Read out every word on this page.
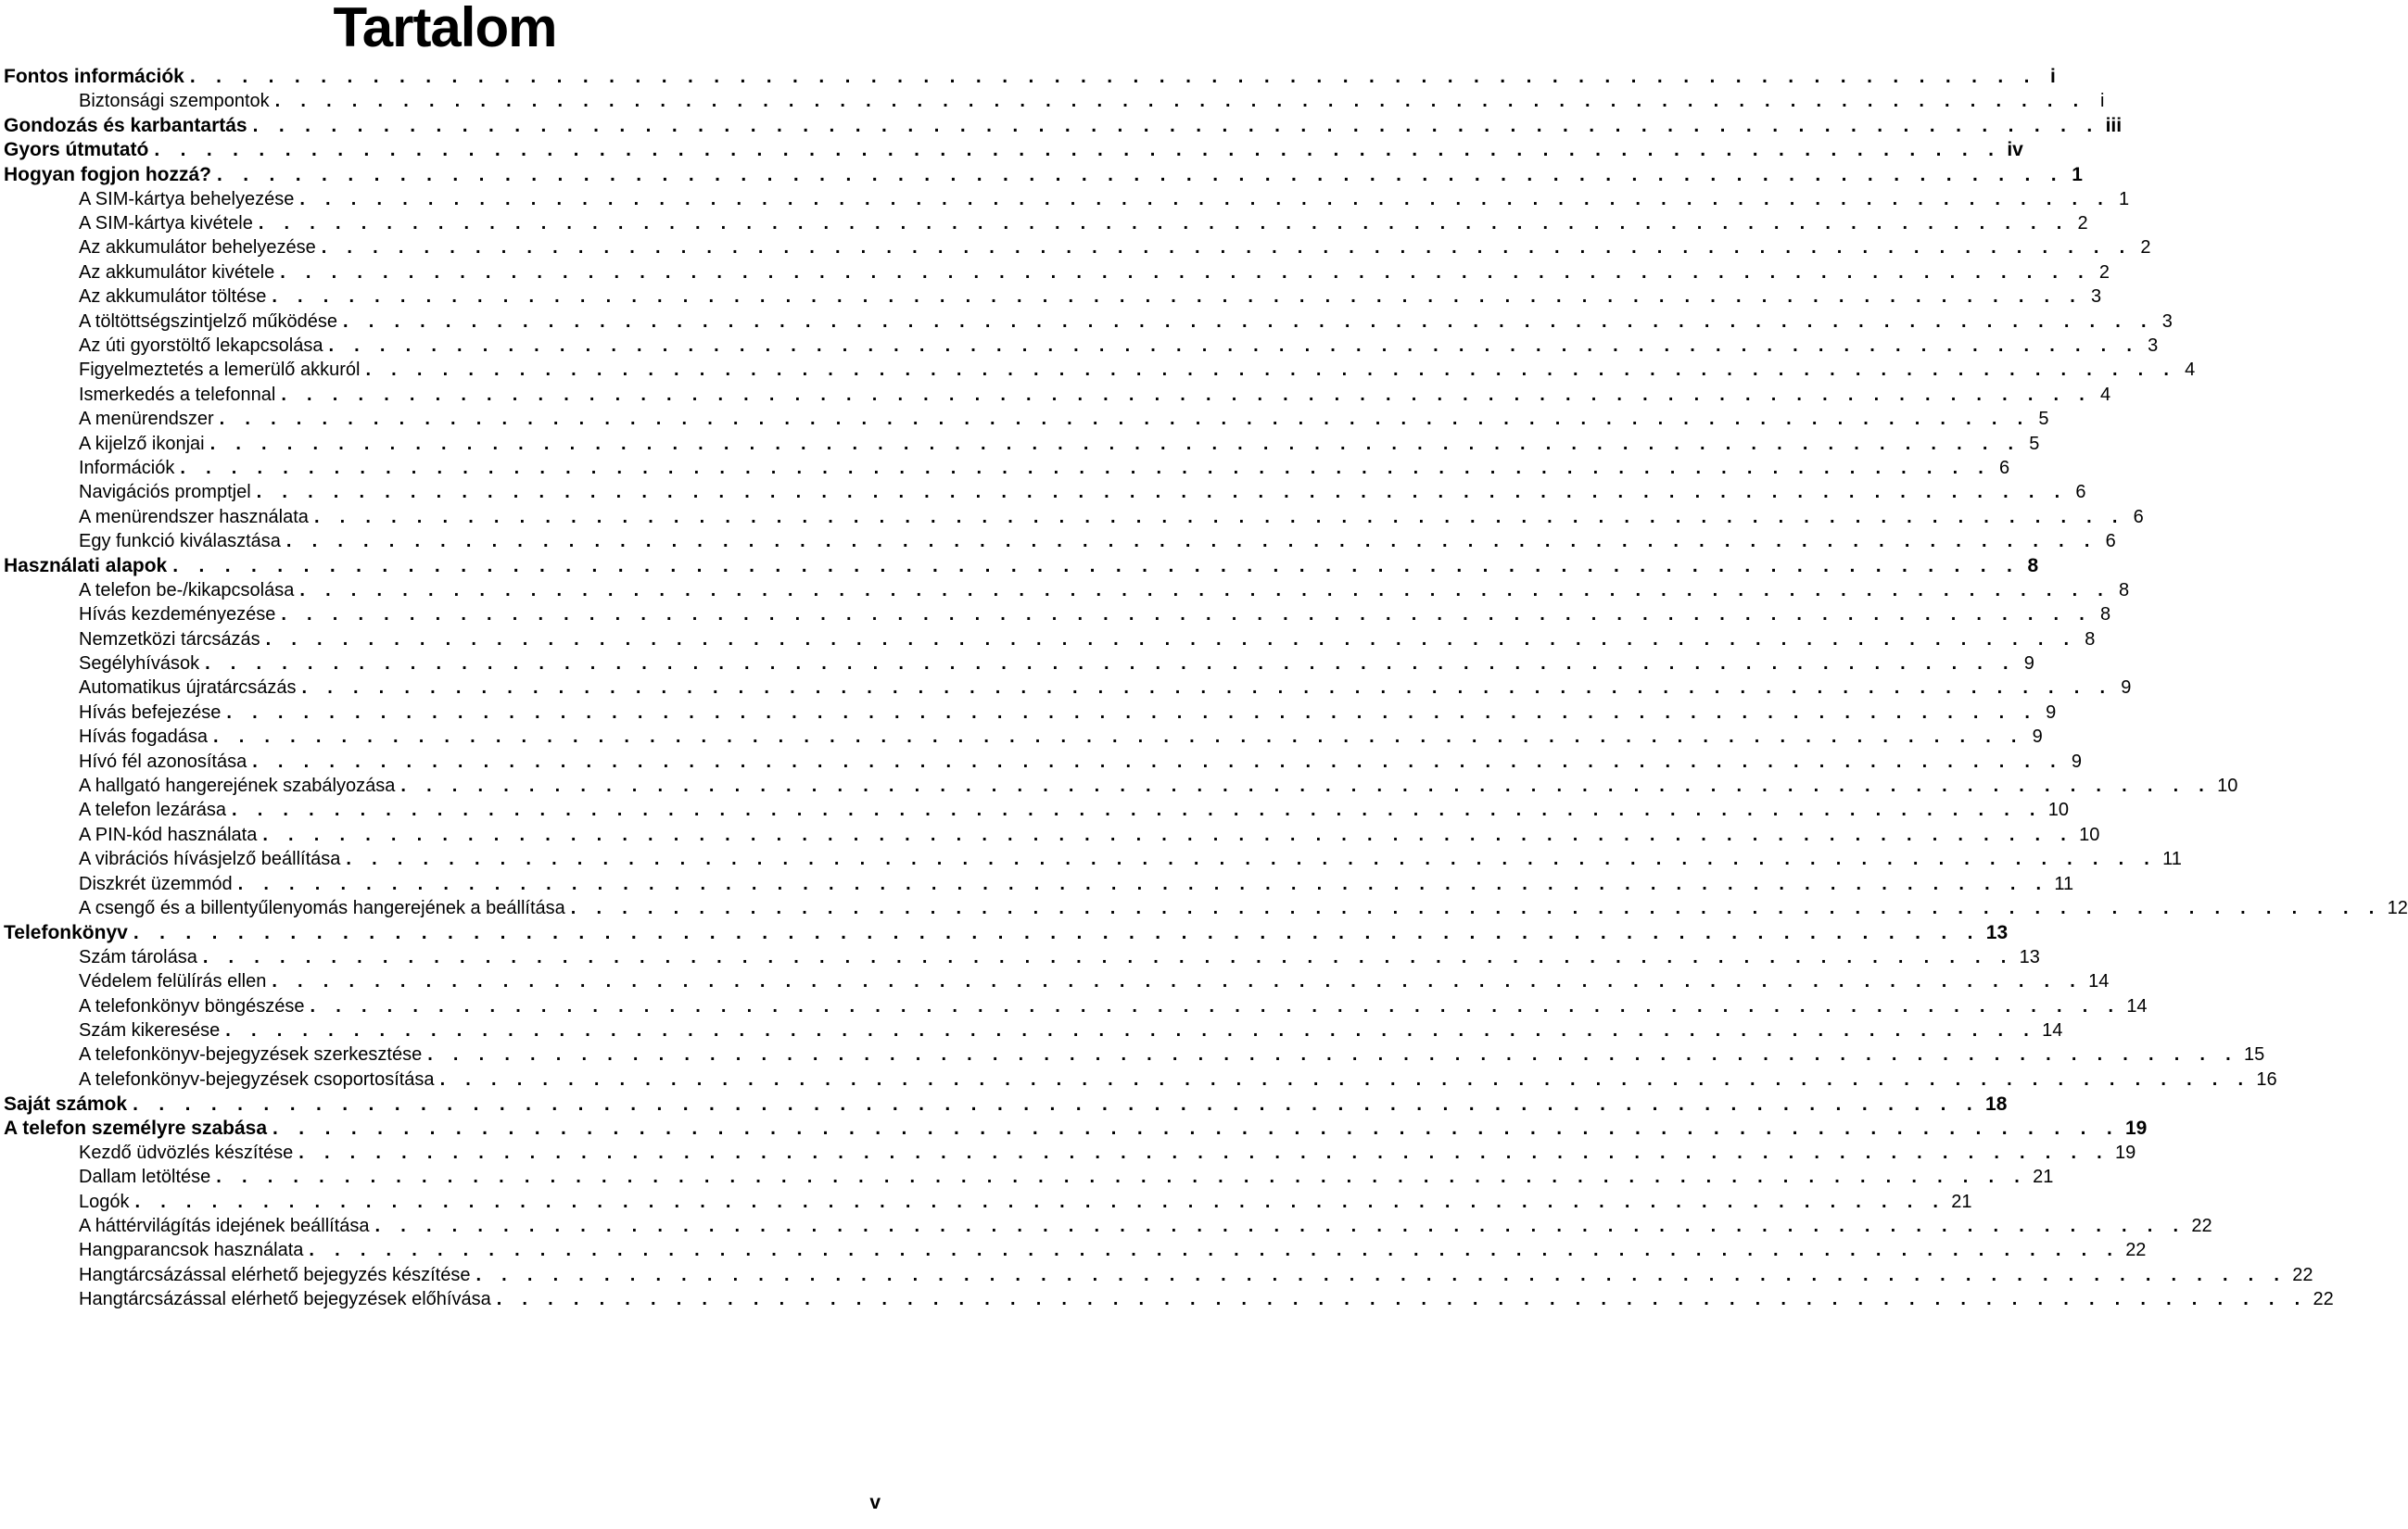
Tartalom
Fontos információk . . . . . . . . . . . . . . . . . . . . . . . . . . . . . . . . . . . . . . . . . . . . . . . . . . . . . . . . . . . . . . . . . . . . . . . i
Biztonsági szempontok . . . . . . . . . . . . . . . . . . . . . . . . . . . . . . . . . . . . . . . . . . . . . . . . . . . . . . . . . . . . . . . . . . . . . . . i
Gondozás és karbantartás . . . . . . . . . . . . . . . . . . . . . . . . . . . . . . . . . . . . . . . . . . . . . . . . . . . . . . . . . . . . . . . . . . . . . . . iii
Gyors útmutató . . . . . . . . . . . . . . . . . . . . . . . . . . . . . . . . . . . . . . . . . . . . . . . . . . . . . . . . . . . . . . . . . . . . . . . iv
Hogyan fogjon hozzá? . . . . . . . . . . . . . . . . . . . . . . . . . . . . . . . . . . . . . . . . . . . . . . . . . . . . . . . . . . . . . . . . . . . . . . . 1
A SIM-kártya behelyezése . . . . . . . . . . . . . . . . . . . . . . . . . . . . . . . . . . . . . . . . . . . . . . . . . . . . . . . . . . . . . . . . . . . . . . . 1
A SIM-kártya kivétele . . . . . . . . . . . . . . . . . . . . . . . . . . . . . . . . . . . . . . . . . . . . . . . . . . . . . . . . . . . . . . . . . . . . . . . 2
Az akkumulátor behelyezése . . . . . . . . . . . . . . . . . . . . . . . . . . . . . . . . . . . . . . . . . . . . . . . . . . . . . . . . . . . . . . . . . . . . . . . 2
Az akkumulátor kivétele . . . . . . . . . . . . . . . . . . . . . . . . . . . . . . . . . . . . . . . . . . . . . . . . . . . . . . . . . . . . . . . . . . . . . . . 2
Az akkumulátor töltése . . . . . . . . . . . . . . . . . . . . . . . . . . . . . . . . . . . . . . . . . . . . . . . . . . . . . . . . . . . . . . . . . . . . . . . 3
A töltöttségszintjelző működése . . . . . . . . . . . . . . . . . . . . . . . . . . . . . . . . . . . . . . . . . . . . . . . . . . . . . . . . . . . . . . . . . . . . . . . 3
Az úti gyorstöltő lekapcsolása . . . . . . . . . . . . . . . . . . . . . . . . . . . . . . . . . . . . . . . . . . . . . . . . . . . . . . . . . . . . . . . . . . . . . . . 3
Figyelmeztetés a lemerülő akkuról . . . . . . . . . . . . . . . . . . . . . . . . . . . . . . . . . . . . . . . . . . . . . . . . . . . . . . . . . . . . . . . . . . . . . . . 4
Ismerkedés a telefonnal . . . . . . . . . . . . . . . . . . . . . . . . . . . . . . . . . . . . . . . . . . . . . . . . . . . . . . . . . . . . . . . . . . . . . . . 4
A menürendszer . . . . . . . . . . . . . . . . . . . . . . . . . . . . . . . . . . . . . . . . . . . . . . . . . . . . . . . . . . . . . . . . . . . . . . . 5
A kijelző ikonjai . . . . . . . . . . . . . . . . . . . . . . . . . . . . . . . . . . . . . . . . . . . . . . . . . . . . . . . . . . . . . . . . . . . . . . . 5
Információk . . . . . . . . . . . . . . . . . . . . . . . . . . . . . . . . . . . . . . . . . . . . . . . . . . . . . . . . . . . . . . . . . . . . . . . 6
Navigációs promptjel . . . . . . . . . . . . . . . . . . . . . . . . . . . . . . . . . . . . . . . . . . . . . . . . . . . . . . . . . . . . . . . . . . . . . . . 6
A menürendszer használata . . . . . . . . . . . . . . . . . . . . . . . . . . . . . . . . . . . . . . . . . . . . . . . . . . . . . . . . . . . . . . . . . . . . . . . 6
Egy funkció kiválasztása . . . . . . . . . . . . . . . . . . . . . . . . . . . . . . . . . . . . . . . . . . . . . . . . . . . . . . . . . . . . . . . . . . . . . . . 6
Használati alapok . . . . . . . . . . . . . . . . . . . . . . . . . . . . . . . . . . . . . . . . . . . . . . . . . . . . . . . . . . . . . . . . . . . . . . . 8
A telefon be-/kikapcsolása . . . . . . . . . . . . . . . . . . . . . . . . . . . . . . . . . . . . . . . . . . . . . . . . . . . . . . . . . . . . . . . . . . . . . . . 8
Hívás kezdeményezése . . . . . . . . . . . . . . . . . . . . . . . . . . . . . . . . . . . . . . . . . . . . . . . . . . . . . . . . . . . . . . . . . . . . . . . 8
Nemzetközi tárcsázás . . . . . . . . . . . . . . . . . . . . . . . . . . . . . . . . . . . . . . . . . . . . . . . . . . . . . . . . . . . . . . . . . . . . . . . 8
Segélyhívások . . . . . . . . . . . . . . . . . . . . . . . . . . . . . . . . . . . . . . . . . . . . . . . . . . . . . . . . . . . . . . . . . . . . . . . 9
Automatikus újratárcsázás . . . . . . . . . . . . . . . . . . . . . . . . . . . . . . . . . . . . . . . . . . . . . . . . . . . . . . . . . . . . . . . . . . . . . . . 9
Hívás befejezése . . . . . . . . . . . . . . . . . . . . . . . . . . . . . . . . . . . . . . . . . . . . . . . . . . . . . . . . . . . . . . . . . . . . . . . 9
Hívás fogadása . . . . . . . . . . . . . . . . . . . . . . . . . . . . . . . . . . . . . . . . . . . . . . . . . . . . . . . . . . . . . . . . . . . . . . . 9
Hívó fél azonosítása . . . . . . . . . . . . . . . . . . . . . . . . . . . . . . . . . . . . . . . . . . . . . . . . . . . . . . . . . . . . . . . . . . . . . . . 9
A hallgató hangerejének szabályozása . . . . . . . . . . . . . . . . . . . . . . . . . . . . . . . . . . . . . . . . . . . . . . . . . . . . . . . . . . . . . . . . . . . . . . . 10
A telefon lezárása . . . . . . . . . . . . . . . . . . . . . . . . . . . . . . . . . . . . . . . . . . . . . . . . . . . . . . . . . . . . . . . . . . . . . . . 10
A PIN-kód használata . . . . . . . . . . . . . . . . . . . . . . . . . . . . . . . . . . . . . . . . . . . . . . . . . . . . . . . . . . . . . . . . . . . . . . . 10
A vibrációs hívásjelző beállítása . . . . . . . . . . . . . . . . . . . . . . . . . . . . . . . . . . . . . . . . . . . . . . . . . . . . . . . . . . . . . . . . . . . . . . . 11
Diszkrét üzemmód . . . . . . . . . . . . . . . . . . . . . . . . . . . . . . . . . . . . . . . . . . . . . . . . . . . . . . . . . . . . . . . . . . . . . . . 11
A csengő és a billentyűlenyomás hangerejének a beállítása . . . . . . . . . . . . . . . . . . . . . . . . . . . . . . . . . . . . . . . . . . . . . . . . . . . . . . . . . . . . . . . . . . . . . . . 12
Telefonkönyv . . . . . . . . . . . . . . . . . . . . . . . . . . . . . . . . . . . . . . . . . . . . . . . . . . . . . . . . . . . . . . . . . . . . . . . 13
Szám tárolása . . . . . . . . . . . . . . . . . . . . . . . . . . . . . . . . . . . . . . . . . . . . . . . . . . . . . . . . . . . . . . . . . . . . . . . 13
Védelem felülírás ellen . . . . . . . . . . . . . . . . . . . . . . . . . . . . . . . . . . . . . . . . . . . . . . . . . . . . . . . . . . . . . . . . . . . . . . . 14
A telefonkönyv böngészése . . . . . . . . . . . . . . . . . . . . . . . . . . . . . . . . . . . . . . . . . . . . . . . . . . . . . . . . . . . . . . . . . . . . . . . 14
Szám kikeresése . . . . . . . . . . . . . . . . . . . . . . . . . . . . . . . . . . . . . . . . . . . . . . . . . . . . . . . . . . . . . . . . . . . . . . . 14
A telefonkönyv-bejegyzések szerkesztése . . . . . . . . . . . . . . . . . . . . . . . . . . . . . . . . . . . . . . . . . . . . . . . . . . . . . . . . . . . . . . . . . . . . . . . 15
A telefonkönyv-bejegyzések csoportosítása . . . . . . . . . . . . . . . . . . . . . . . . . . . . . . . . . . . . . . . . . . . . . . . . . . . . . . . . . . . . . . . . . . . . . . . 16
Saját számok . . . . . . . . . . . . . . . . . . . . . . . . . . . . . . . . . . . . . . . . . . . . . . . . . . . . . . . . . . . . . . . . . . . . . . . 18
A telefon személyre szabása . . . . . . . . . . . . . . . . . . . . . . . . . . . . . . . . . . . . . . . . . . . . . . . . . . . . . . . . . . . . . . . . . . . . . . . 19
Kezdő üdvözlés készítése . . . . . . . . . . . . . . . . . . . . . . . . . . . . . . . . . . . . . . . . . . . . . . . . . . . . . . . . . . . . . . . . . . . . . . . 19
Dallam letöltése . . . . . . . . . . . . . . . . . . . . . . . . . . . . . . . . . . . . . . . . . . . . . . . . . . . . . . . . . . . . . . . . . . . . . . . 21
Logók . . . . . . . . . . . . . . . . . . . . . . . . . . . . . . . . . . . . . . . . . . . . . . . . . . . . . . . . . . . . . . . . . . . . . . . 21
A háttérvilágítás idejének beállítása . . . . . . . . . . . . . . . . . . . . . . . . . . . . . . . . . . . . . . . . . . . . . . . . . . . . . . . . . . . . . . . . . . . . . . . 22
Hangparancsok használata . . . . . . . . . . . . . . . . . . . . . . . . . . . . . . . . . . . . . . . . . . . . . . . . . . . . . . . . . . . . . . . . . . . . . . . 22
Hangtárcsázással elérhető bejegyzés készítése . . . . . . . . . . . . . . . . . . . . . . . . . . . . . . . . . . . . . . . . . . . . . . . . . . . . . . . . . . . . . . . . . . . . . . . 22
Hangtárcsázással elérhető bejegyzések előhívása . . . . . . . . . . . . . . . . . . . . . . . . . . . . . . . . . . . . . . . . . . . . . . . . . . . . . . . . . . . . . . . . . . . . . . . 22
v
